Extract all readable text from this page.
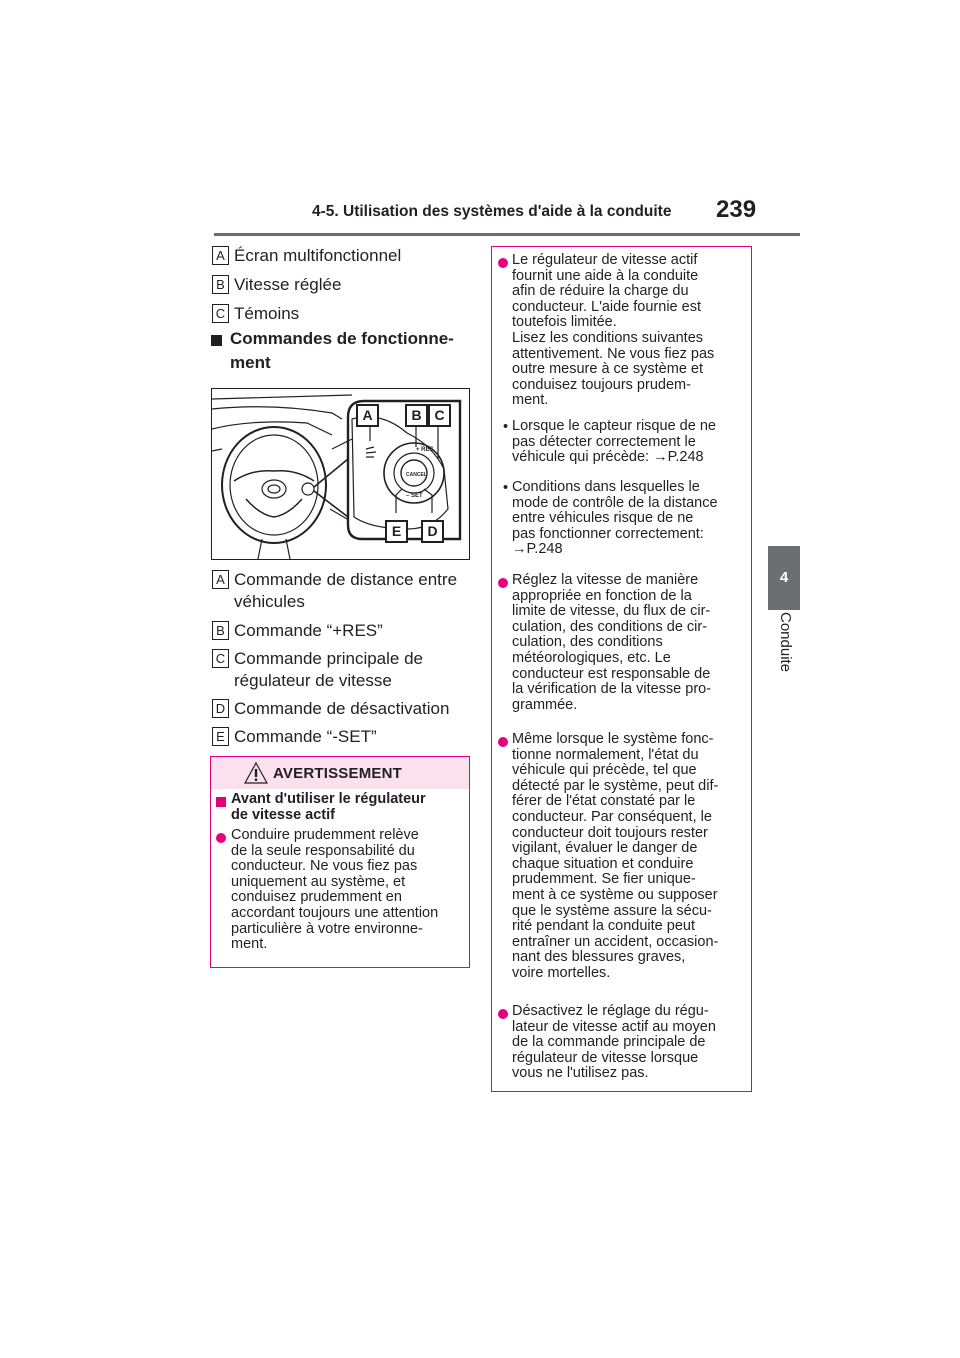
4-5. Utilisation des systèmes d'aide à la conduite 239
4
Conduite
A Écran multifonctionnel
B Vitesse réglée
C Témoins
Commandes de fonctionne-
ment
+ RES
CANCEL
– SET
A	B C
E	D
A Commande de distance entre
véhicules
B Commande “+RES”
C Commande principale de
régulateur de vitesse
D Commande de désactivation
E Commande “-SET”
AVERTISSEMENT
Avant d'utiliser le régulateur
de vitesse actif
Conduire prudemment relève
de la seule responsabilité du
conducteur. Ne vous fiez pas
uniquement au système, et
conduisez prudemment en
accordant toujours une attention
particulière à votre environne-
ment.
Le régulateur de vitesse actif
fournit une aide à la conduite
afin de réduire la charge du
conducteur. L'aide fournie est
toutefois limitée.
Lisez les conditions suivantes
attentivement. Ne vous fiez pas
outre mesure à ce système et
conduisez toujours prudem-
ment.
• Lorsque le capteur risque de ne
pas détecter correctement le
véhicule qui précède: →P.248
• Conditions dans lesquelles le
mode de contrôle de la distance
entre véhicules risque de ne
pas fonctionner correctement:
→P.248
Réglez la vitesse de manière
appropriée en fonction de la
limite de vitesse, du flux de cir-
culation, des conditions de cir-
culation, des conditions
météorologiques, etc. Le
conducteur est responsable de
la vérification de la vitesse pro-
grammée.
Même lorsque le système fonc-
tionne normalement, l'état du
véhicule qui précède, tel que
détecté par le système, peut dif-
férer de l'état constaté par le
conducteur. Par conséquent, le
conducteur doit toujours rester
vigilant, évaluer le danger de
chaque situation et conduire
prudemment. Se fier unique-
ment à ce système ou supposer
que le système assure la sécu-
rité pendant la conduite peut
entraîner un accident, occasion-
nant des blessures graves,
voire mortelles.
Désactivez le réglage du régu-
lateur de vitesse actif au moyen
de la commande principale de
régulateur de vitesse lorsque
vous ne l'utilisez pas.
